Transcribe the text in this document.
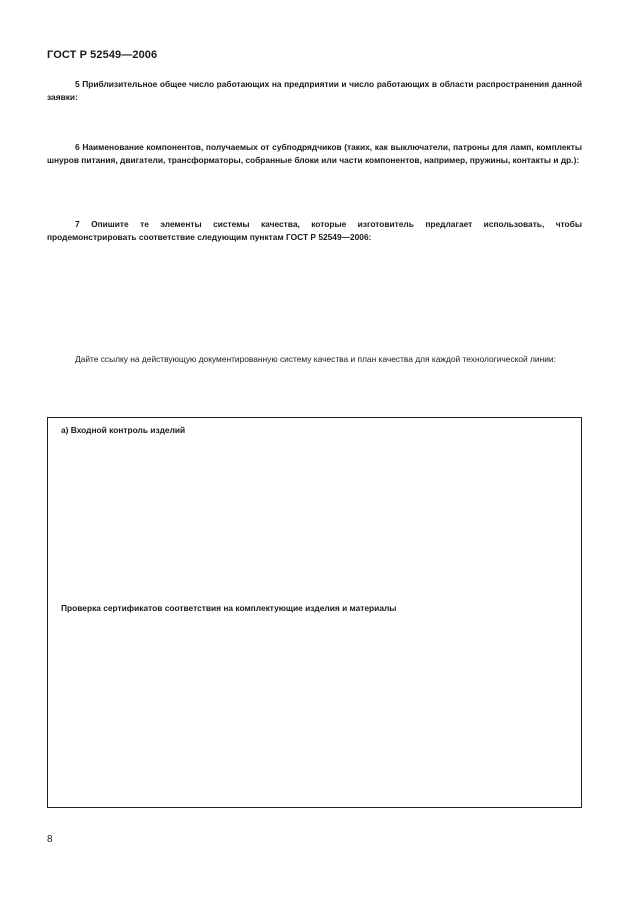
ГОСТ Р 52549—2006
5 Приблизительное общее число работающих на предприятии и число работающих в области распространения данной заявки:
6 Наименование компонентов, получаемых от субподрядчиков (таких, как выключатели, патроны для ламп, комплекты шнуров питания, двигатели, трансформаторы, собранные блоки или части компонентов, например, пружины, контакты и др.):
7 Опишите те элементы системы качества, которые изготовитель предлагает использовать, чтобы продемонстрировать соответствие следующим пунктам ГОСТ Р 52549—2006:
Дайте ссылку на действующую документированную систему качества и план качества для каждой технологической линии:
а) Входной контроль изделий
Проверка сертификатов соответствия на комплектующие изделия и материалы
8
